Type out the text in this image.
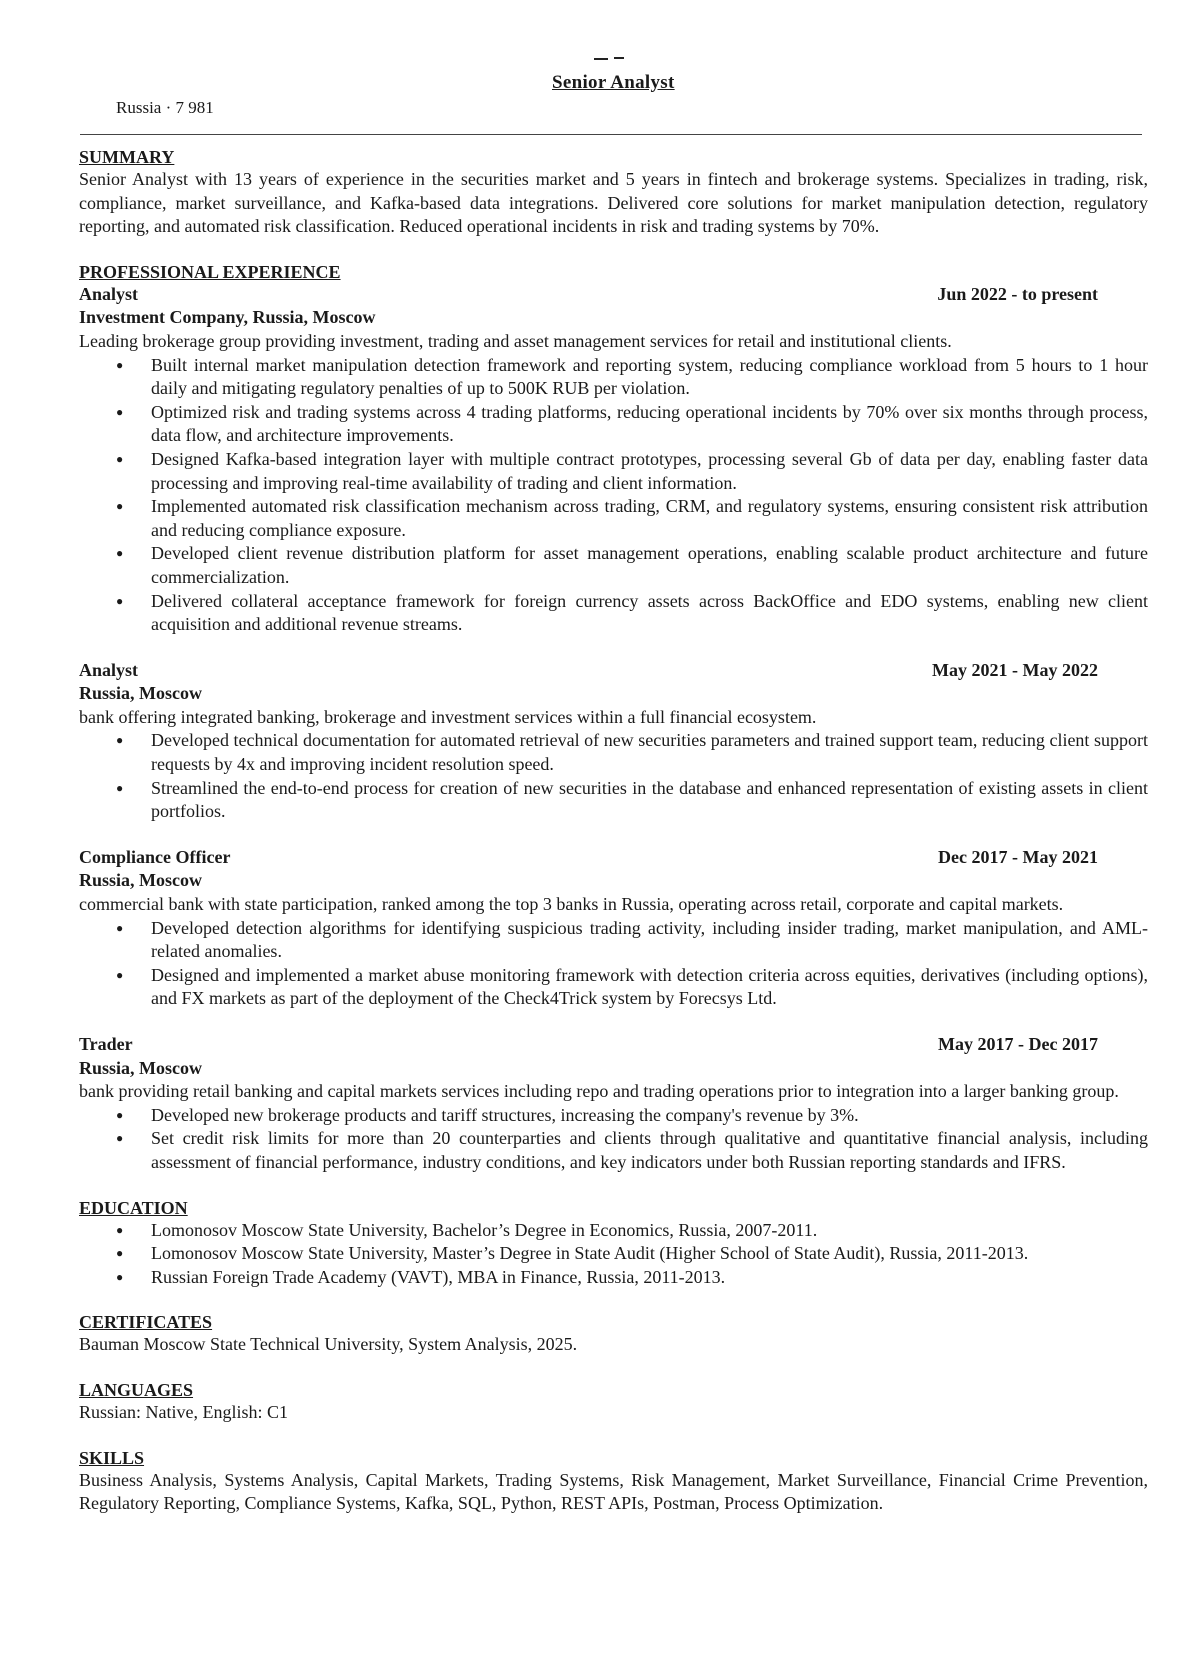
Senior Analyst
Russia · 7 981
SUMMARY

Senior Analyst with 13 years of experience in the securities market and 5 years in fintech and brokerage systems. Specializes in trading, risk, compliance, market surveillance, and Kafka-based data integrations. Delivered core solutions for market manipulation detection, regulatory reporting, and automated risk classification. Reduced operational incidents in risk and trading systems by 70%.

PROFESSIONAL EXPERIENCE
Analyst	Jun 2022 - to present
Investment Company, Russia, Moscow

Leading brokerage group providing investment, trading and asset management services for retail and institutional clients.

● Built internal market manipulation detection framework and reporting system, reducing compliance workload from 5 hours to 1 hour daily and mitigating regulatory penalties of up to 500K RUB per violation.
● Optimized risk and trading systems across 4 trading platforms, reducing operational incidents by 70% over six months through process, data flow, and architecture improvements.
● Designed Kafka-based integration layer with multiple contract prototypes, processing several Gb of data per day, enabling faster data processing and improving real-time availability of trading and client information.
● Implemented automated risk classification mechanism across trading, CRM, and regulatory systems, ensuring consistent risk attribution and reducing compliance exposure.
● Developed client revenue distribution platform for asset management operations, enabling scalable product architecture and future commercialization.
● Delivered collateral acceptance framework for foreign currency assets across BackOffice and EDO systems, enabling new client acquisition and additional revenue streams.
Analyst	May 2021 - May 2022
Russia, Moscow

bank offering integrated banking, brokerage and investment services within a full financial ecosystem.

● Developed technical documentation for automated retrieval of new securities parameters and trained support team, reducing client support requests by 4x and improving incident resolution speed.
● Streamlined the end-to-end process for creation of new securities in the database and enhanced representation of existing assets in client portfolios.
Compliance Officer	Dec 2017 - May 2021
Russia, Moscow

commercial bank with state participation, ranked among the top 3 banks in Russia, operating across retail, corporate and capital markets.

● Developed detection algorithms for identifying suspicious trading activity, including insider trading, market manipulation, and AML-related anomalies.
● Designed and implemented a market abuse monitoring framework with detection criteria across equities, derivatives (including options), and FX markets as part of the deployment of the Check4Trick system by Forecsys Ltd.
Trader	May 2017 - Dec 2017
Russia, Moscow

bank providing retail banking and capital markets services including repo and trading operations prior to integration into a larger banking group.

● Developed new brokerage products and tariff structures, increasing the company's revenue by 3%.
● Set credit risk limits for more than 20 counterparties and clients through qualitative and quantitative financial analysis, including assessment of financial performance, industry conditions, and key indicators under both Russian reporting standards and IFRS.
EDUCATION
● Lomonosov Moscow State University, Bachelor’s Degree in Economics, Russia, 2007-2011.
● Lomonosov Moscow State University, Master’s Degree in State Audit (Higher School of State Audit), Russia, 2011-2013.
● Russian Foreign Trade Academy (VAVT), MBA in Finance, Russia, 2011-2013.
CERTIFICATES

Bauman Moscow State Technical University, System Analysis, 2025.

LANGUAGES

Russian: Native, English: C1

SKILLS

Business Analysis, Systems Analysis, Capital Markets, Trading Systems, Risk Management, Market Surveillance, Financial Crime Prevention, Regulatory Reporting, Compliance Systems, Kafka, SQL, Python, REST APIs, Postman, Process Optimization.
